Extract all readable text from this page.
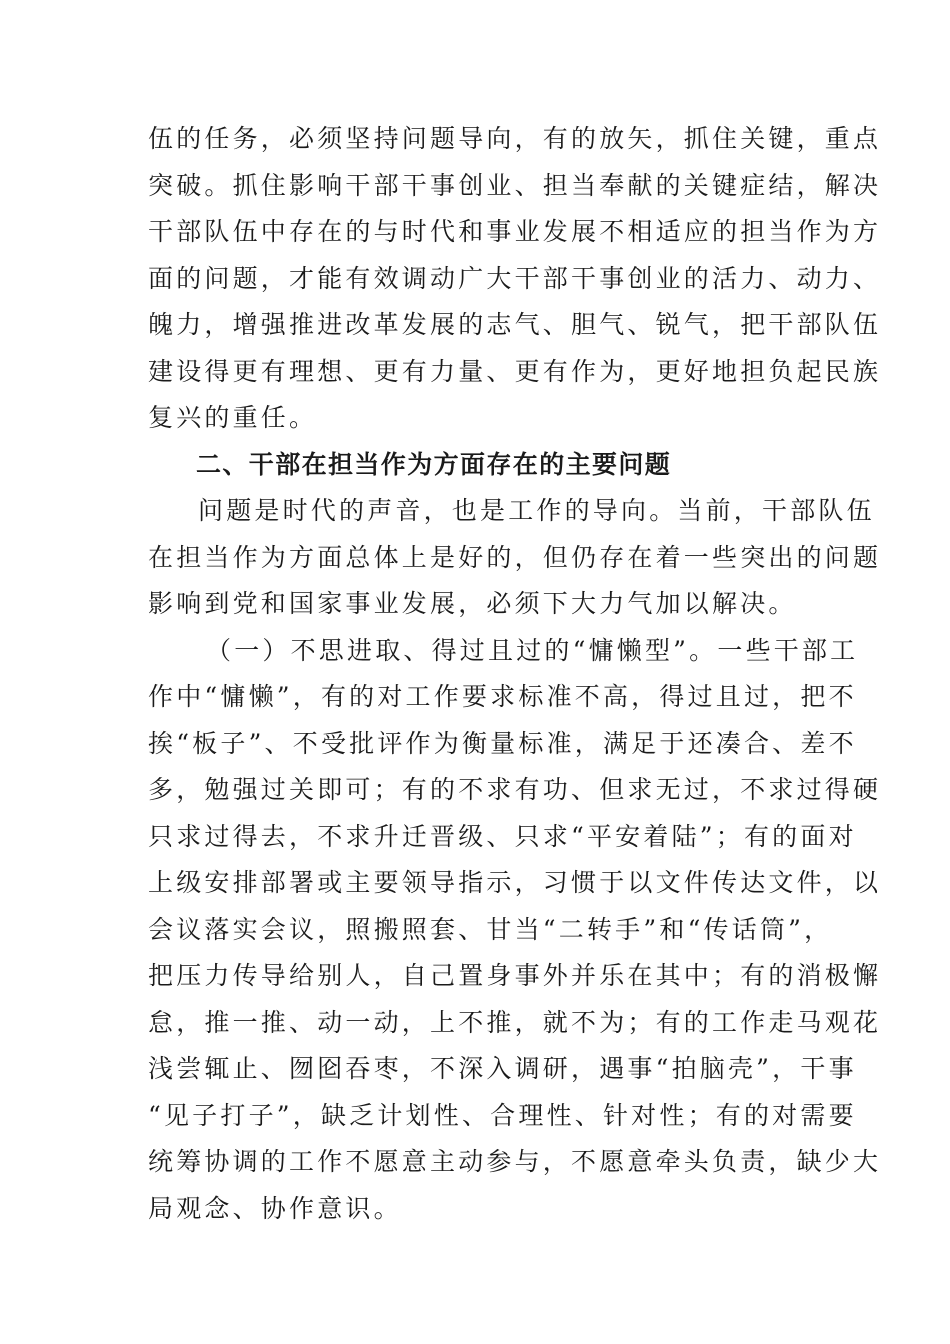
伍的任务，必须坚持问题导向，有的放矢，抓住关键，重点
突破。抓住影响干部干事创业、担当奉献的关键症结，解决
干部队伍中存在的与时代和事业发展不相适应的担当作为方
面的问题，才能有效调动广大干部干事创业的活力、动力、
魄力，增强推进改革发展的志气、胆气、锐气，把干部队伍
建设得更有理想、更有力量、更有作为，更好地担负起民族
复兴的重任。
二、干部在担当作为方面存在的主要问题
问题是时代的声音，也是工作的导向。当前，干部队伍
在担当作为方面总体上是好的，但仍存在着一些突出的问题
影响到党和国家事业发展，必须下大力气加以解决。
（一）不思进取、得过且过的“慵懒型”。一些干部工
作中“慵懒”，有的对工作要求标准不高，得过且过，把不
挨“板子”、不受批评作为衡量标准，满足于还凑合、差不
多，勉强过关即可；有的不求有功、但求无过，不求过得硬
只求过得去，不求升迁晋级、只求“平安着陆”；有的面对
上级安排部署或主要领导指示，习惯于以文件传达文件，以
会议落实会议，照搬照套、甘当“二转手”和“传话筒”，
把压力传导给别人，自己置身事外并乐在其中；有的消极懈
怠，推一推、动一动，上不推，就不为；有的工作走马观花
浅尝辄止、囫囵吞枣，不深入调研，遇事“拍脑壳”，干事
“见子打子”，缺乏计划性、合理性、针对性；有的对需要
统筹协调的工作不愿意主动参与，不愿意牵头负责，缺少大
局观念、协作意识。
